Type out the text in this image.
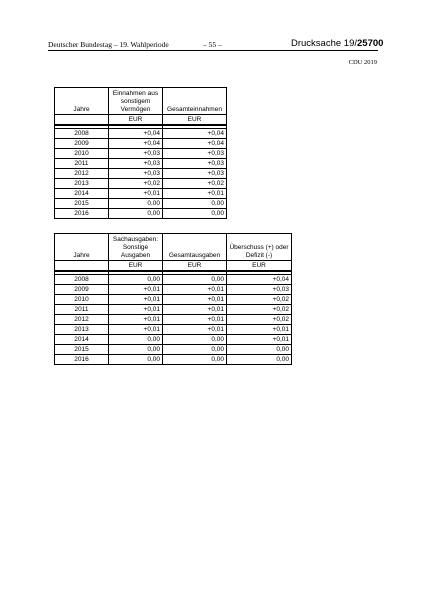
Deutscher Bundestag – 19. Wahlperiode	– 55 –	Drucksache 19/25700
CDU 2019
Jahre	Einnahmen aus sonstigem Vermögen	Gesamteinnahmen
	EUR	EUR

2008	+0,04	+0,04
2009	+0,04	+0,04
2010	+0,03	+0,03
2011	+0,03	+0,03
2012	+0,03	+0,03
2013	+0,02	+0,02
2014	+0,01	+0,01
2015	0,00	0,00
2016	0,00	0,00
Jahre	Sachausgaben: Sonstige Ausgaben	Gesamtausgaben	Überschuss (+) oder Defizit (-)
	EUR	EUR	EUR

2008	0,00	0,00	+0,04
2009	+0,01	+0,01	+0,03
2010	+0,01	+0,01	+0,02
2011	+0,01	+0,01	+0,02
2012	+0,01	+0,01	+0,02
2013	+0,01	+0,01	+0,01
2014	0,00	0,00	+0,01
2015	0,00	0,00	0,00
2016	0,00	0,00	0,00
